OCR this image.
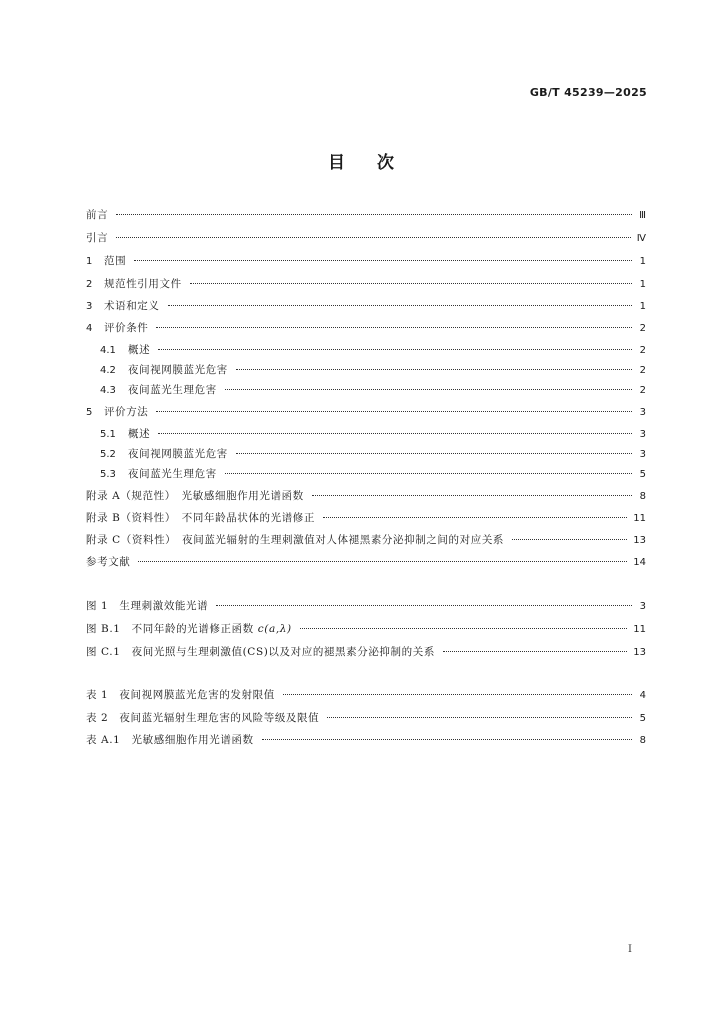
GB/T 45239—2025
目次
前言	Ⅲ
引言	Ⅳ
1	范围	1
2	规范性引用文件	1
3	术语和定义	1
4	评价条件	2
4.1	概述	2
4.2	夜间视网膜蓝光危害	2
4.3	夜间蓝光生理危害	2
5	评价方法	3
5.1	概述	3
5.2	夜间视网膜蓝光危害	3
5.3	夜间蓝光生理危害	5
附录 A（规范性）　光敏感细胞作用光谱函数	8
附录 B（资料性）　不同年龄晶状体的光谱修正	11
附录 C（资料性）　夜间蓝光辐射的生理刺激值对人体褪黑素分泌抑制之间的对应关系	13
参考文献	14
图 1　生理刺激效能光谱	3
图 B.1　不同年龄的光谱修正函数 c(a,λ)	11
图 C.1　夜间光照与生理刺激值(CS)以及对应的褪黑素分泌抑制的关系	13
表 1　夜间视网膜蓝光危害的发射限值	4
表 2　夜间蓝光辐射生理危害的风险等级及限值	5
表 A.1　光敏感细胞作用光谱函数	8
I
